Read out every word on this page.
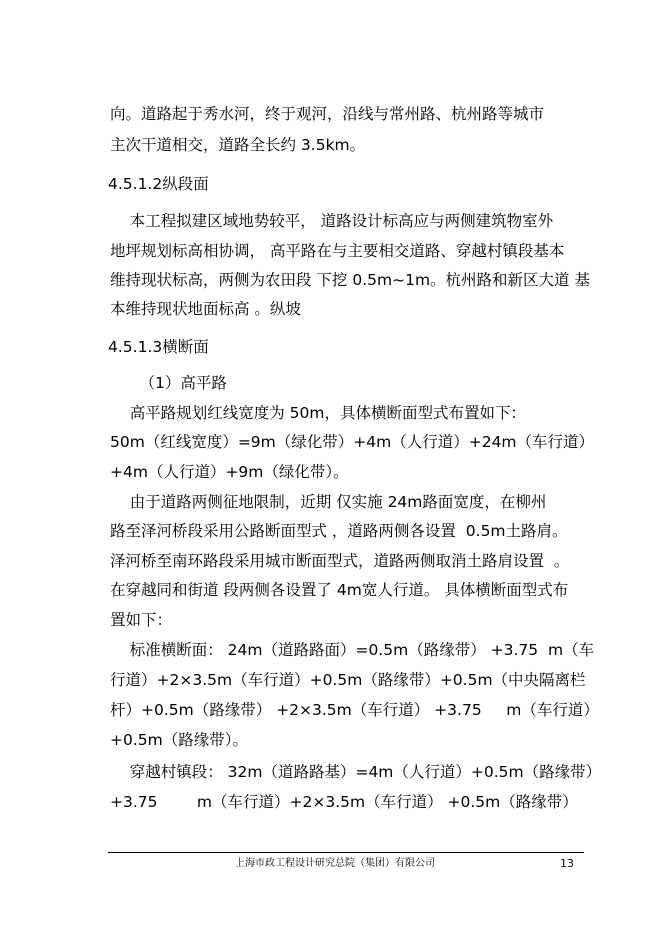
向。道路起于秀水河，终于观河，沿线与常州路、杭州路等城市
主次干道相交，道路全长约 3.5km。
4.5.1.2纵段面
本工程拟建区域地势较平， 道路设计标高应与两侧建筑物室外
地坪规划标高相协调， 高平路在与主要相交道路、穿越村镇段基本
维持现状标高，两侧为农田段 下挖 0.5m~1m。杭州路和新区大道 基
本维持现状地面标高 。纵坡
4.5.1.3横断面
（1）高平路
高平路规划红线宽度为 50m，具体横断面型式布置如下：
50m（红线宽度）=9m（绿化带）+4m（人行道）+24m（车行道）
+4m（人行道）+9m（绿化带）。
由于道路两侧征地限制，近期 仅实施 24m路面宽度，在柳州
路至泽河桥段采用公路断面型式 ，道路两侧各设置  0.5m土路肩。
泽河桥至南环路段采用城市断面型式，道路两侧取消土路肩设置  。
在穿越同和街道 段两侧各设置了 4m宽人行道。 具体横断面型式布
置如下：
标准横断面： 24m（道路路面）=0.5m（路缘带） +3.75  m（车
行道）+2×3.5m（车行道）+0.5m（路缘带）+0.5m（中央隔离栏
杆）+0.5m（路缘带） +2×3.5m（车行道） +3.75     m（车行道）
+0.5m（路缘带）。
穿越村镇段： 32m（道路路基）=4m（人行道）+0.5m（路缘带）
+3.75        m（车行道）+2×3.5m（车行道） +0.5m（路缘带）
上海市政工程设计研究总院（集团）有限公司	13
